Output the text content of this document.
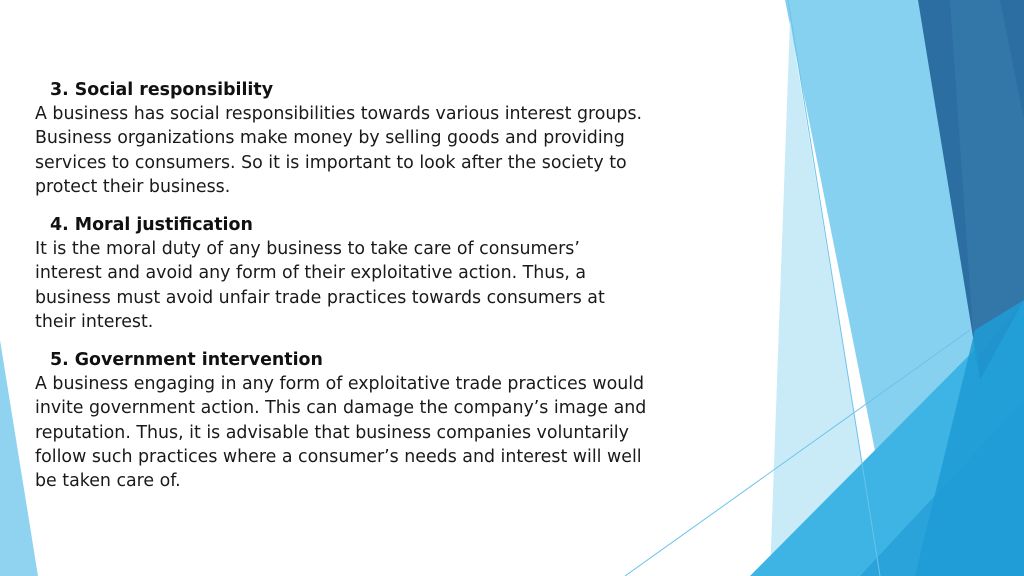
3. Social responsibility

A business has social responsibilities towards various interest groups.
Business organizations make money by selling goods and providing
services to consumers. So it is important to look after the society to
protect their business.

4. Moral justification

It is the moral duty of any business to take care of consumers’
interest and avoid any form of their exploitative action. Thus, a
business must avoid unfair trade practices towards consumers at
their interest.

5. Government intervention

A business engaging in any form of exploitative trade practices would
invite government action. This can damage the company’s image and
reputation. Thus, it is advisable that business companies voluntarily
follow such practices where a consumer’s needs and interest will well
be taken care of.
